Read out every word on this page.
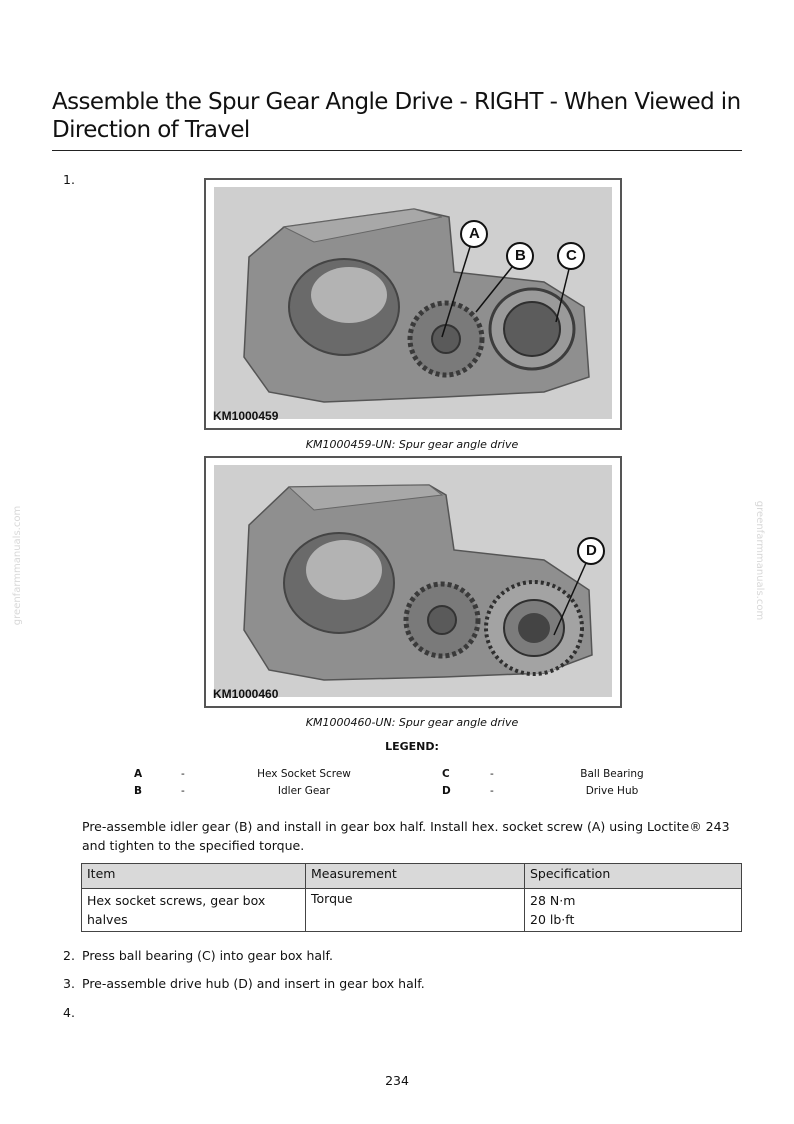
Assemble the Spur Gear Angle Drive - RIGHT - When Viewed in Direction of Travel
greenfarmmanuals.com	greenfarmmanuals.com
1.
A
B	C
KM1000459
KM1000459-UN: Spur gear angle drive
D
KM1000460
KM1000460-UN: Spur gear angle drive
LEGEND:
A	-	Hex Socket Screw	C	-	Ball Bearing
B	-	Idler Gear	D	-	Drive Hub
Pre-assemble idler gear (B) and install in gear box half. Install hex. socket screw (A) using Loctite® 243 and tighten to the specified torque.
Item	Measurement	Specification
Hex socket screws, gear box halves	Torque	28 N·m
20 lb·ft
2. Press ball bearing (C) into gear box half.
3. Pre-assemble drive hub (D) and insert in gear box half.
4.
234
